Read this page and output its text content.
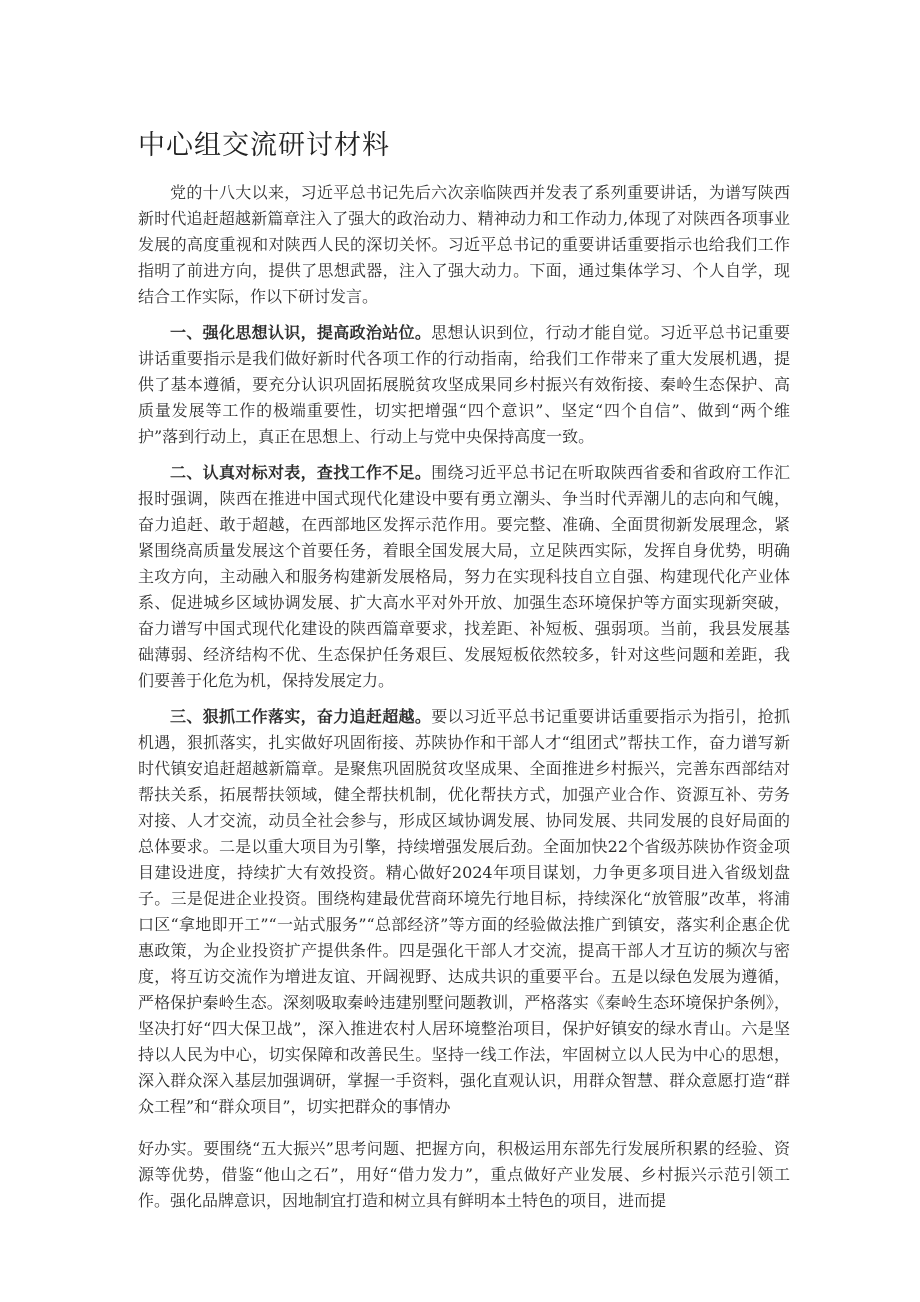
中心组交流研讨材料

党的十八大以来，习近平总书记先后六次亲临陕西并发表了系列重要讲话，为谱写陕西新时代追赶超越新篇章注入了强大的政治动力、精神动力和工作动力,体现了对陕西各项事业发展的高度重视和对陕西人民的深切关怀。习近平总书记的重要讲话重要指示也给我们工作指明了前进方向，提供了思想武器，注入了强大动力。下面，通过集体学习、个人自学，现结合工作实际，作以下研讨发言。

一、强化思想认识，提高政治站位。思想认识到位，行动才能自觉。习近平总书记重要讲话重要指示是我们做好新时代各项工作的行动指南，给我们工作带来了重大发展机遇，提供了基本遵循，要充分认识巩固拓展脱贫攻坚成果同乡村振兴有效衔接、秦岭生态保护、高质量发展等工作的极端重要性，切实把增强“四个意识”、坚定“四个自信”、做到“两个维护”落到行动上，真正在思想上、行动上与党中央保持高度一致。

二、认真对标对表，查找工作不足。围绕习近平总书记在听取陕西省委和省政府工作汇报时强调，陕西在推进中国式现代化建设中要有勇立潮头、争当时代弄潮儿的志向和气魄，奋力追赶、敢于超越，在西部地区发挥示范作用。要完整、准确、全面贯彻新发展理念，紧紧围绕高质量发展这个首要任务，着眼全国发展大局，立足陕西实际，发挥自身优势，明确主攻方向，主动融入和服务构建新发展格局，努力在实现科技自立自强、构建现代化产业体系、促进城乡区域协调发展、扩大高水平对外开放、加强生态环境保护等方面实现新突破，奋力谱写中国式现代化建设的陕西篇章要求，找差距、补短板、强弱项。当前，我县发展基础薄弱、经济结构不优、生态保护任务艰巨、发展短板依然较多，针对这些问题和差距，我们要善于化危为机，保持发展定力。

三、狠抓工作落实，奋力追赶超越。要以习近平总书记重要讲话重要指示为指引，抢抓机遇，狠抓落实，扎实做好巩固衔接、苏陕协作和干部人才“组团式”帮扶工作，奋力谱写新时代镇安追赶超越新篇章。是聚焦巩固脱贫攻坚成果、全面推进乡村振兴，完善东西部结对帮扶关系，拓展帮扶领域，健全帮扶机制，优化帮扶方式，加强产业合作、资源互补、劳务对接、人才交流，动员全社会参与，形成区域协调发展、协同发展、共同发展的良好局面的总体要求。二是以重大项目为引擎，持续增强发展后劲。全面加快22个省级苏陕协作资金项目建设进度，持续扩大有效投资。精心做好2024年项目谋划，力争更多项目进入省级划盘子。三是促进企业投资。围绕构建最优营商环境先行地目标，持续深化“放管服”改革，将浦口区“拿地即开工”“一站式服务”“总部经济”等方面的经验做法推广到镇安，落实利企惠企优惠政策，为企业投资扩产提供条件。四是强化干部人才交流，提高干部人才互访的频次与密度，将互访交流作为增进友谊、开阔视野、达成共识的重要平台。五是以绿色发展为遵循，严格保护秦岭生态。深刻吸取秦岭违建别墅问题教训，严格落实《秦岭生态环境保护条例》，坚决打好“四大保卫战”，深入推进农村人居环境整治项目，保护好镇安的绿水青山。六是坚持以人民为中心，切实保障和改善民生。坚持一线工作法，牢固树立以人民为中心的思想，深入群众深入基层加强调研，掌握一手资料，强化直观认识，用群众智慧、群众意愿打造“群众工程”和“群众项目”，切实把群众的事情办

好办实。要围绕“五大振兴”思考问题、把握方向，积极运用东部先行发展所积累的经验、资源等优势，借鉴“他山之石”，用好“借力发力”，重点做好产业发展、乡村振兴示范引领工作。强化品牌意识，因地制宜打造和树立具有鲜明本土特色的项目，进而提
